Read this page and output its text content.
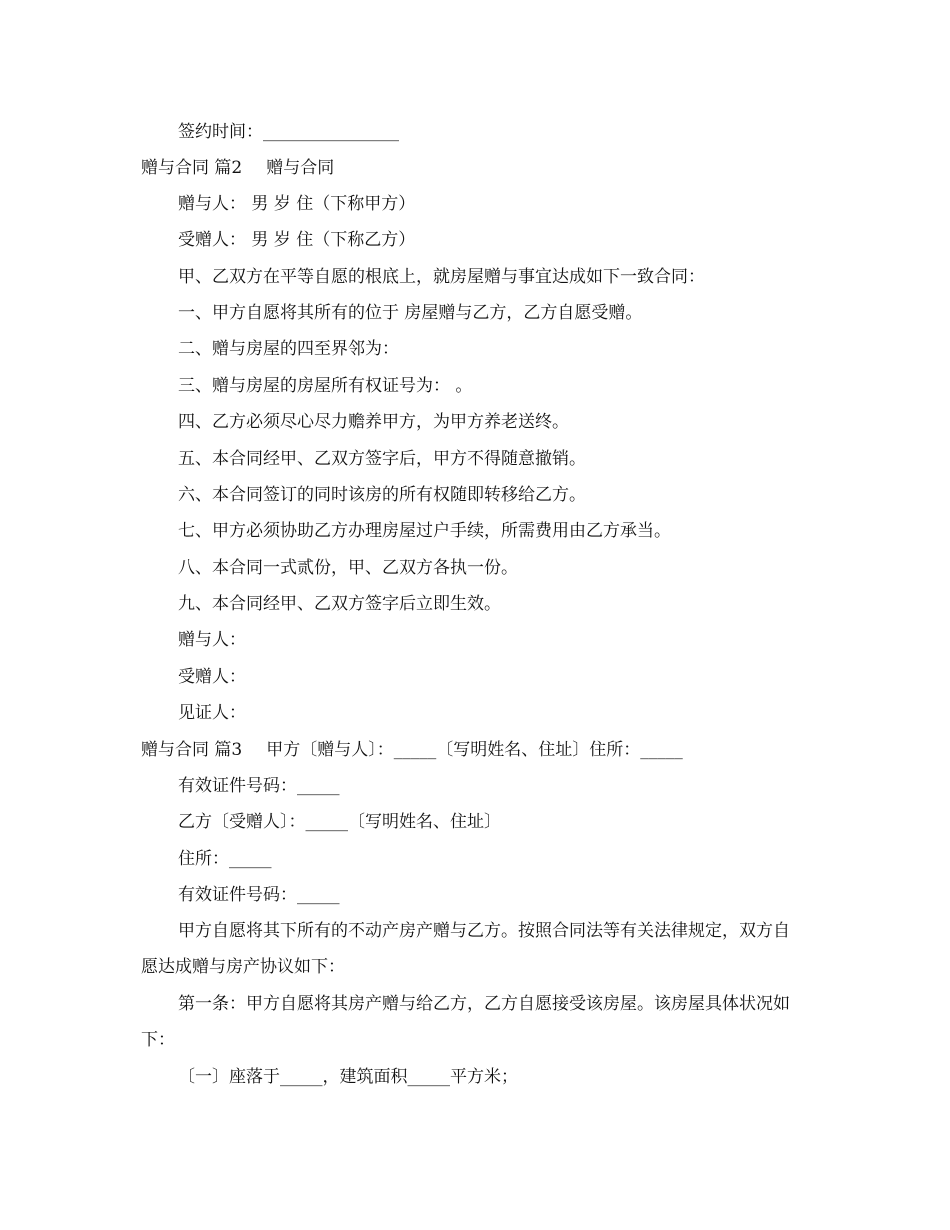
签约时间：________________
赠与合同 篇2 赠与合同
赠与人： 男 岁 住（下称甲方）
受赠人： 男 岁 住（下称乙方）
甲、乙双方在平等自愿的根底上，就房屋赠与事宜达成如下一致合同：
一、甲方自愿将其所有的位于 房屋赠与乙方，乙方自愿受赠。
二、赠与房屋的四至界邻为：
三、赠与房屋的房屋所有权证号为： 。
四、乙方必须尽心尽力赡养甲方，为甲方养老送终。
五、本合同经甲、乙双方签字后，甲方不得随意撤销。
六、本合同签订的同时该房的所有权随即转移给乙方。
七、甲方必须协助乙方办理房屋过户手续，所需费用由乙方承当。
八、本合同一式贰份，甲、乙双方各执一份。
九、本合同经甲、乙双方签字后立即生效。
赠与人：
受赠人：
见证人：
赠与合同 篇3 甲方〔赠与人〕：_____〔写明姓名、住址〕住所：_____
有效证件号码：_____
乙方〔受赠人〕：_____〔写明姓名、住址〕
住所：_____
有效证件号码：_____
甲方自愿将其下所有的不动产房产赠与乙方。按照合同法等有关法律规定，双方自愿达成赠与房产协议如下：
第一条：甲方自愿将其房产赠与给乙方，乙方自愿接受该房屋。该房屋具体状况如下：
〔一〕座落于_____，建筑面积_____平方米；
